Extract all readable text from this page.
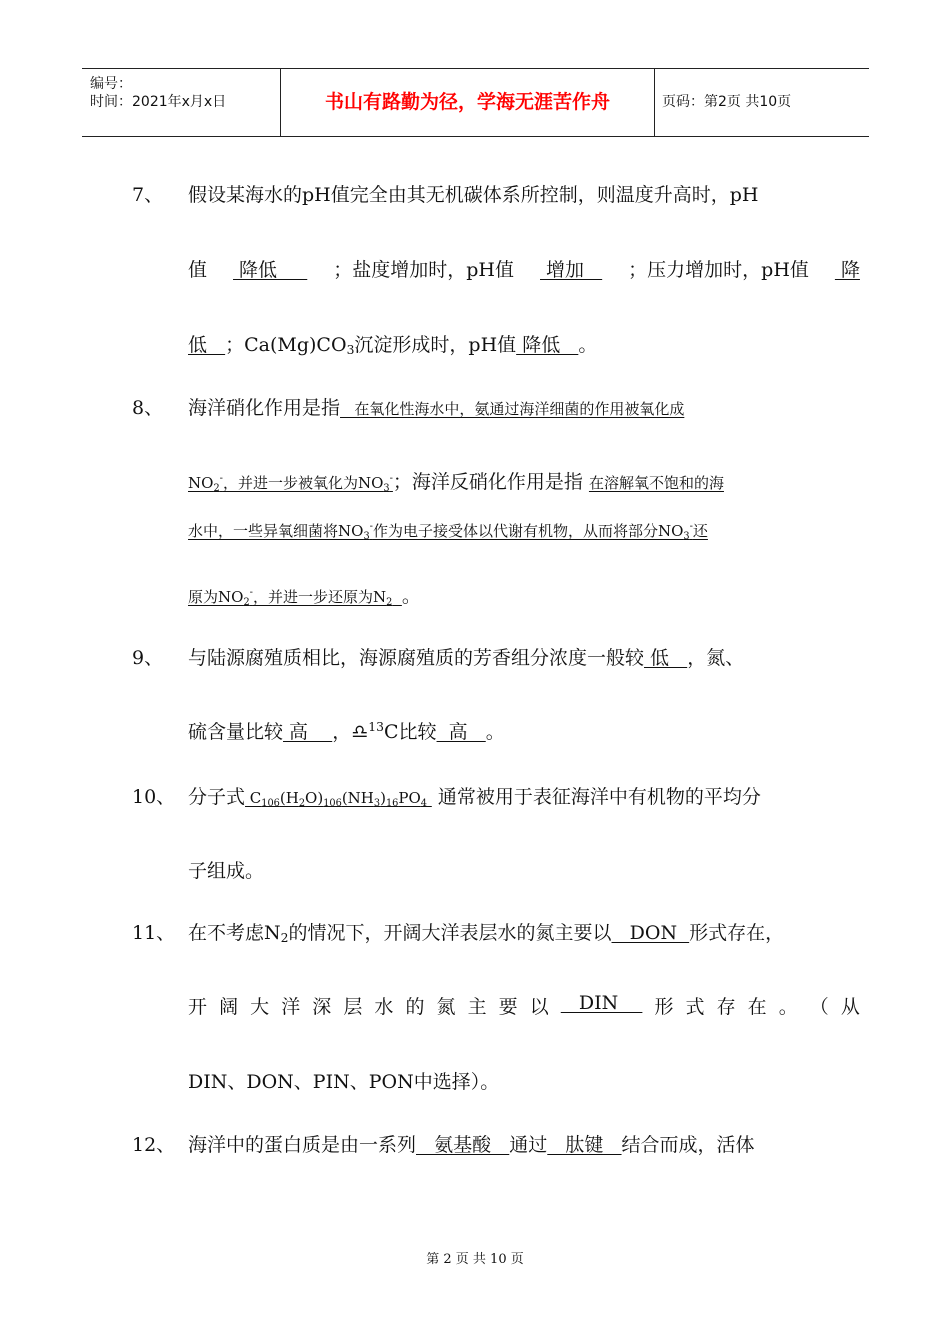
编号：
时间：2021年x月x日	书山有路勤为径，学海无涯苦作舟	页码：第2页 共10页
7、 假设某海水的pH值完全由其无机碳体系所控制，则温度升高时，pH
值 降低 ；盐度增加时，pH值 增加 ；压力增加时，pH值 降
低   ；$Ca(Mg)CO_3$沉淀形成时，pH值 降低   。
8、 海洋硝化作用是指   在氧化性海水中，氨通过海洋细菌的作用被氧化成
$NO_2^-$，并进一步被氧化为$NO_3^-$；海洋反硝化作用是指 在溶解氧不饱和的海
水中，一些异氧细菌将$NO_3^-$作为电子接受体以代谢有机物，从而将部分$NO_3^-$还
原为$NO_2^-$，并进一步还原为$N_2$ 。
9、 与陆源腐殖质相比，海源腐殖质的芳香组分浓度一般较 低   ，氮、
硫含量比较 高    ，♎$^{13}$C比较  高   。
10、 分子式 $C_{106}(H_2O)_{106}(NH_3)_{16}PO_4$  通常被用于表征海洋中有机物的平均分
子组成。
11、 在不考虑$N_2$的情况下，开阔大洋表层水的氮主要以   DON  形式存在，
开 阔 大 洋 深 层 水 的 氮 主 要 以 DIN 形 式 存 在 。 （ 从
DIN、DON、PIN、PON中选择）。
12、 海洋中的蛋白质是由一系列   氨基酸   通过   肽键   结合而成，活体
第 2 页 共 10 页
